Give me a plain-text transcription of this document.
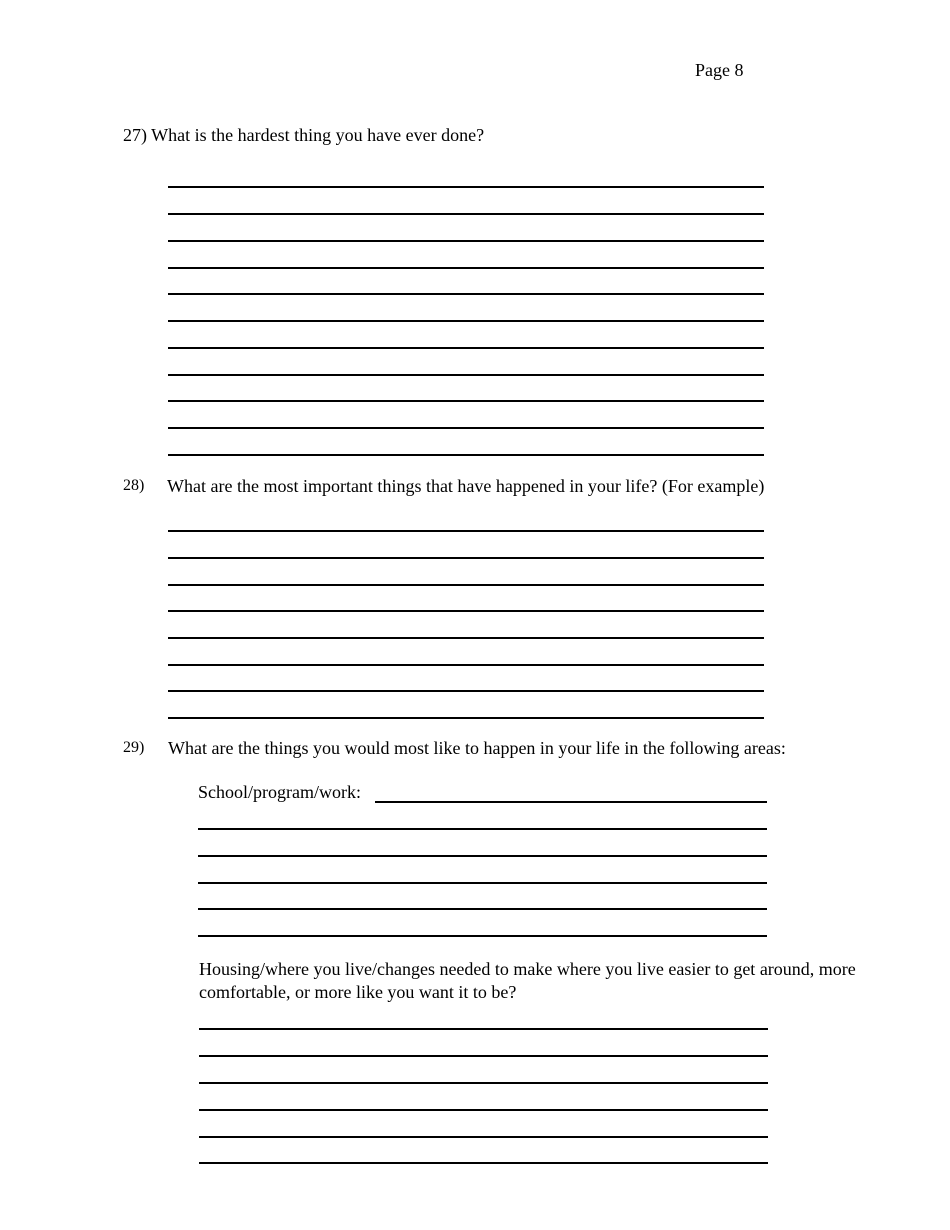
Page 8
27) What is the hardest thing you have ever done?
28) What are the most important things that have happened in your life? (For example)
29) What are the things you would most like to happen in your life in the following areas:
School/program/work:
Housing/where you live/changes needed to make where you live easier to get around, more comfortable, or more like you want it to be?
